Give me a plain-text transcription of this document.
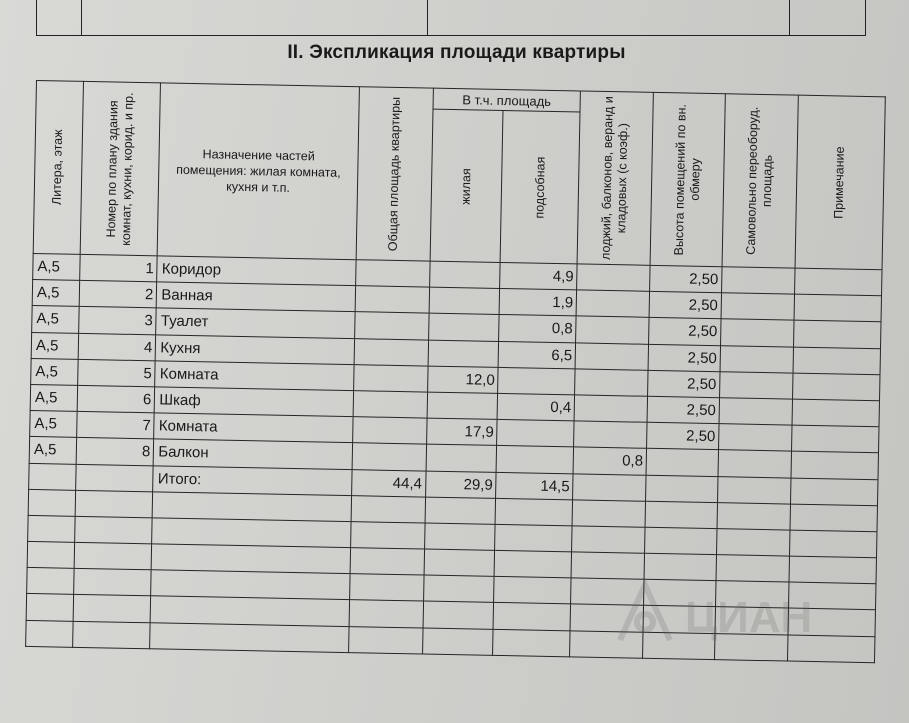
II. Экспликация площади квартиры
Литера, этаж	Номер по плану здания комнат, кухни, корид. и пр.	Назначение частей помещения: жилая комната, кухня и т.п.	Общая площадь квартиры	В т.ч. площадь		лоджий, балконов, веранд и кладовых (с коэф.)	Высота помещений по вн. обмеру	Самовольно переоборуд. площадь	Примечание

				жилая	подсобная				

А,5	1	Коридор			4,9		2,50		
А,5	2	Ванная			1,9		2,50		
А,5	3	Туалет			0,8		2,50		
А,5	4	Кухня			6,5		2,50		
А,5	5	Комната		12,0			2,50		
А,5	6	Шкаф			0,4		2,50		
А,5	7	Комната		17,9			2,50		
А,5	8	Балкон				0,8			
		Итого:	44,4	29,9	14,5				

ЦИАН
